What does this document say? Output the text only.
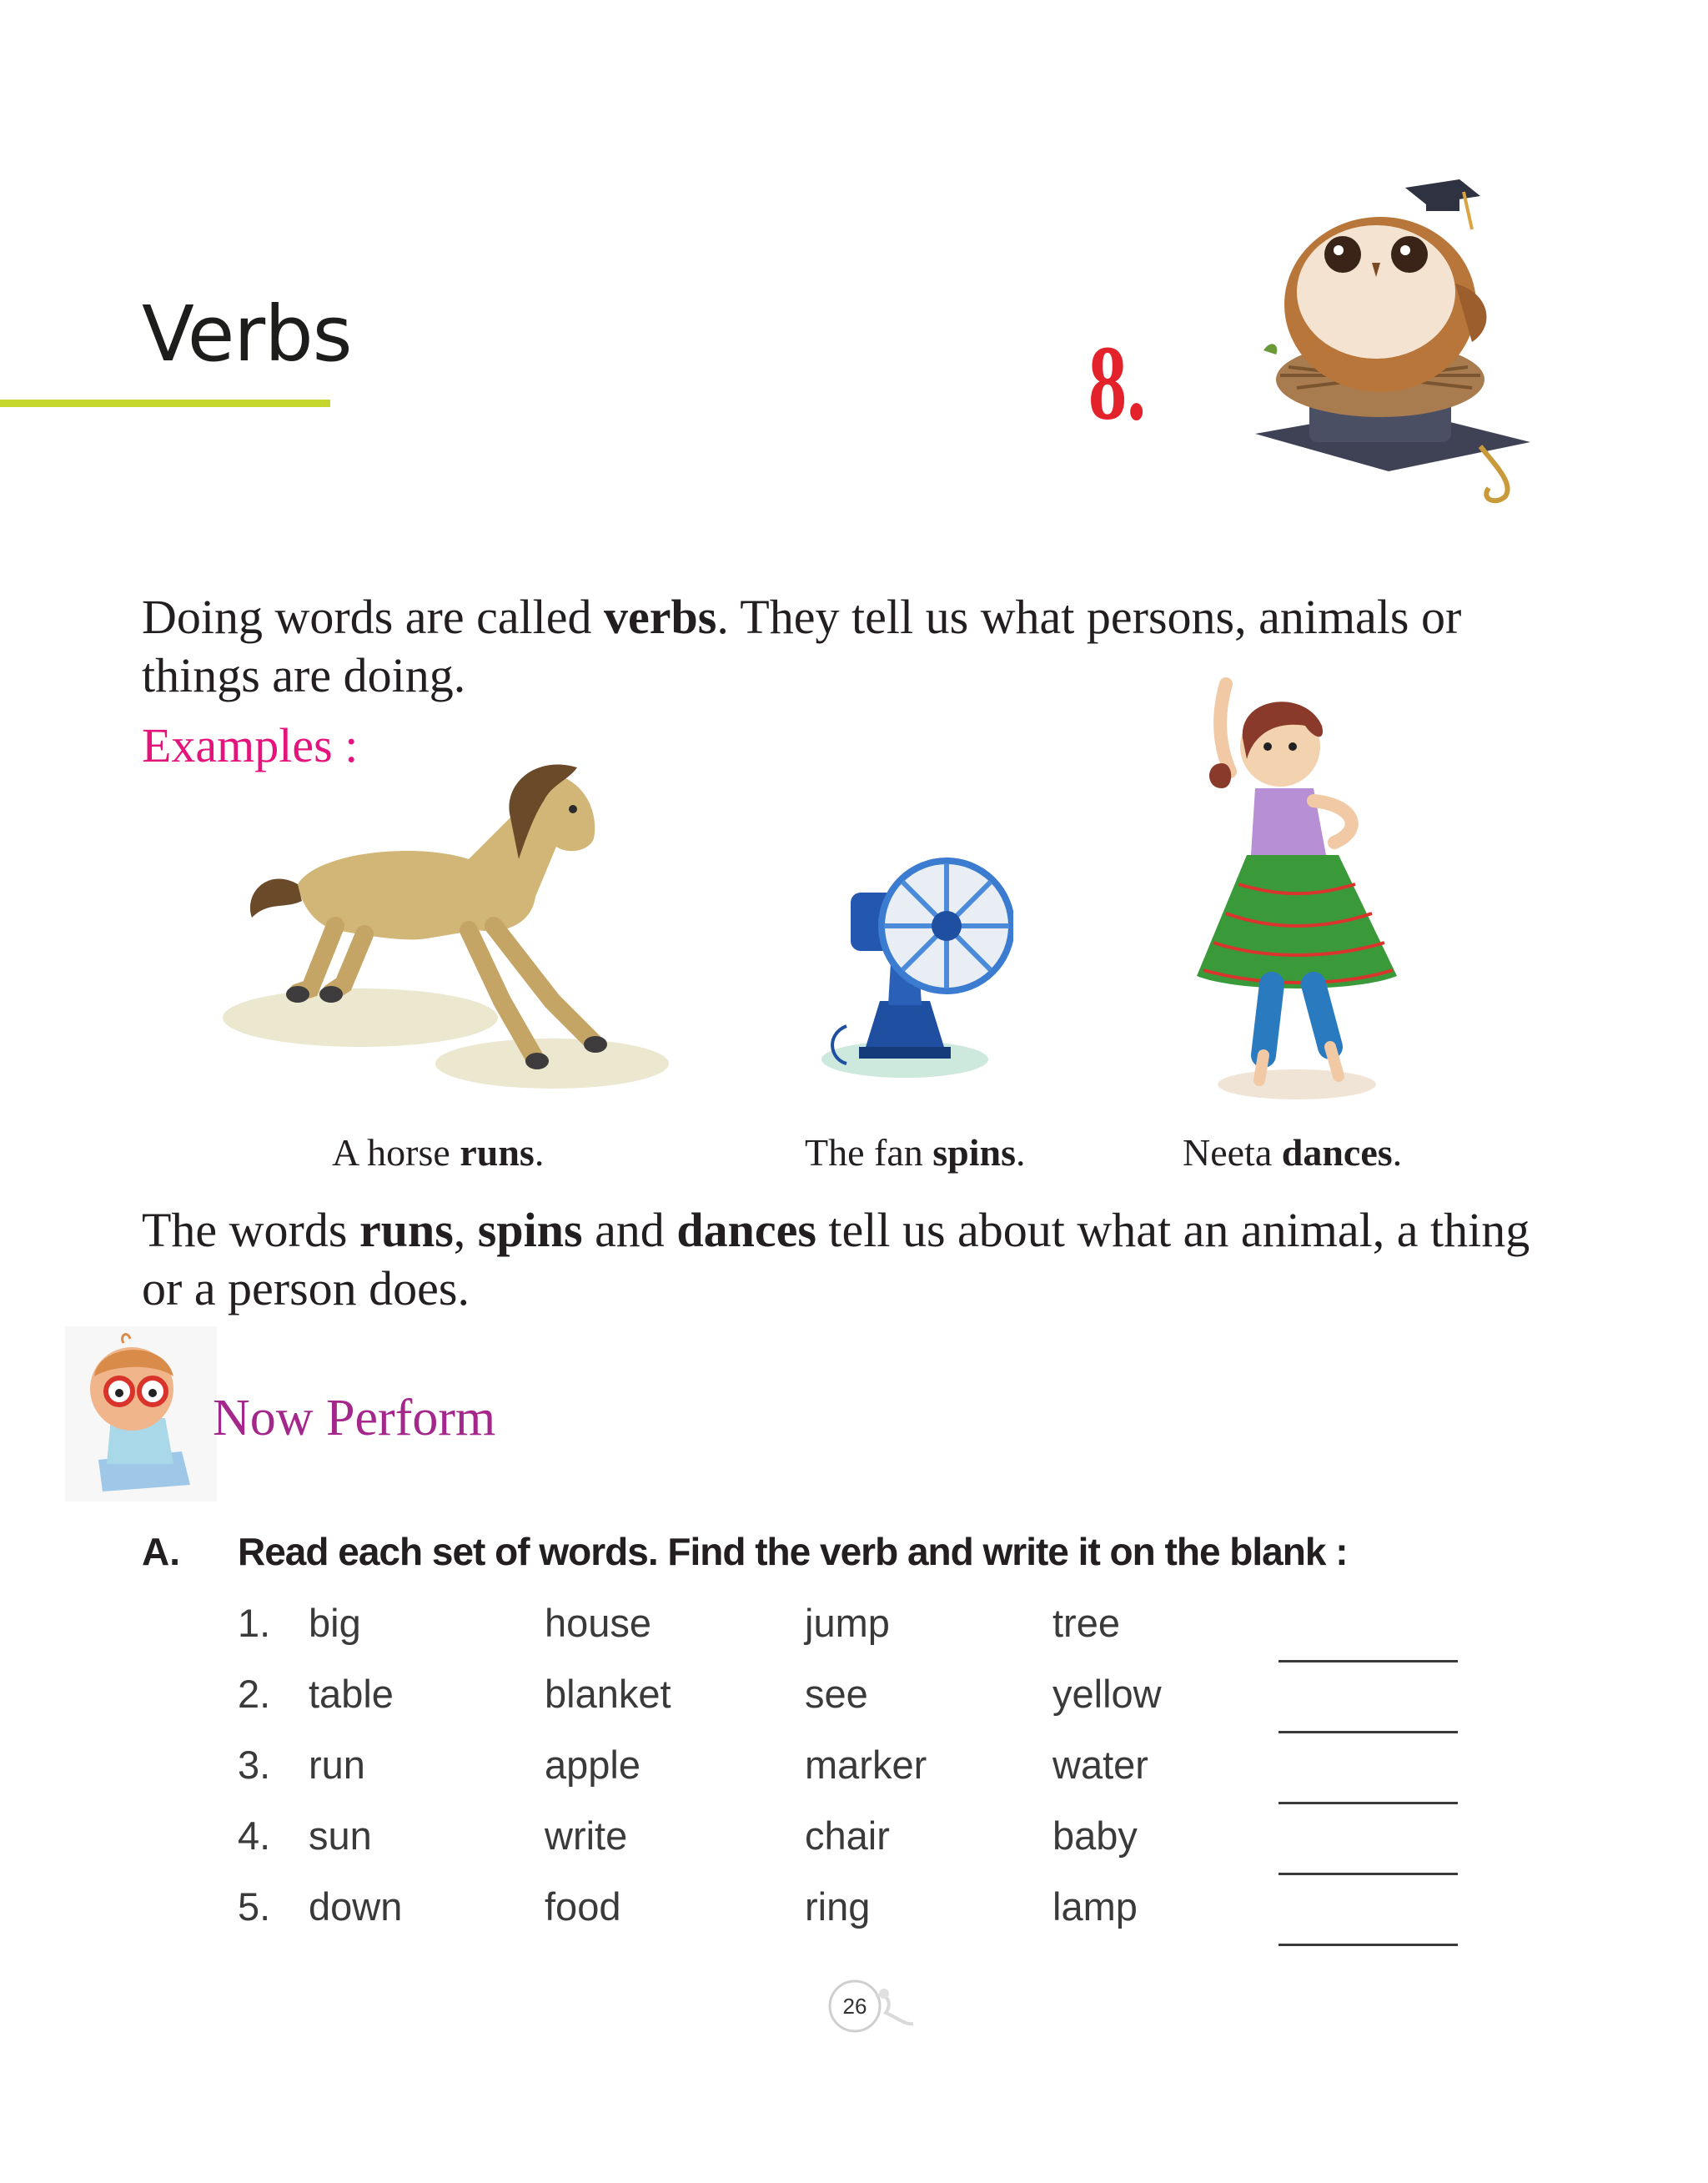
Verbs	8.
Doing words are called verbs. They tell us what persons, animals or things are doing.
Examples :
A horse runs.	The fan spins.	Neeta dances.
The words runs, spins and dances tell us about what an animal, a thing or a person does.
Now Perform
A. Read each set of words. Find the verb and write it on the blank :
1. big	house	jump	tree
2. table	blanket	see	yellow
3. run	apple	marker	water
4. sun	write	chair	baby
5. down	food	ring	lamp
26
